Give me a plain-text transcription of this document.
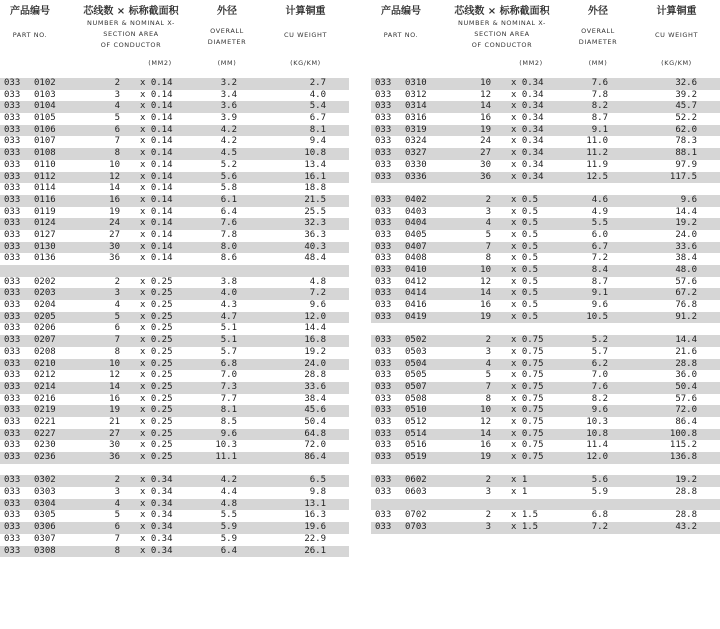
产品编号
PART NO.
芯线数 × 标称截面积
NUMBER & NOMINAL X-
SECTION AREA
OF CONDUCTOR
(MM2)
外径
OVERALL
DIAMETER
(MM)
计算铜重
CU WEIGHT
(KG/KM)
033 0102	2 x 0.14	3.2	2.7
033 0103	3 x 0.14	3.4	4.0
033 0104	4 x 0.14	3.6	5.4
033 0105	5 x 0.14	3.9	6.7
033 0106	6 x 0.14	4.2	8.1
033 0107	7 x 0.14	4.2	9.4
033 0108	8 x 0.14	4.5	10.8
033 0110	10 x 0.14	5.2	13.4
033 0112	12 x 0.14	5.6	16.1
033 0114	14 x 0.14	5.8	18.8
033 0116	16 x 0.14	6.1	21.5
033 0119	19 x 0.14	6.4	25.5
033 0124	24 x 0.14	7.6	32.3
033 0127	27 x 0.14	7.8	36.3
033 0130	30 x 0.14	8.0	40.3
033 0136	36 x 0.14	8.6	48.4
033 0202	2 x 0.25	3.8	4.8
033 0203	3 x 0.25	4.0	7.2
033 0204	4 x 0.25	4.3	9.6
033 0205	5 x 0.25	4.7	12.0
033 0206	6 x 0.25	5.1	14.4
033 0207	7 x 0.25	5.1	16.8
033 0208	8 x 0.25	5.7	19.2
033 0210	10 x 0.25	6.8	24.0
033 0212	12 x 0.25	7.0	28.8
033 0214	14 x 0.25	7.3	33.6
033 0216	16 x 0.25	7.7	38.4
033 0219	19 x 0.25	8.1	45.6
033 0221	21 x 0.25	8.5	50.4
033 0227	27 x 0.25	9.6	64.8
033 0230	30 x 0.25	10.3	72.0
033 0236	36 x 0.25	11.1	86.4
033 0302	2 x 0.34	4.2	6.5
033 0303	3 x 0.34	4.4	9.8
033 0304	4 x 0.34	4.8	13.1
033 0305	5 x 0.34	5.5	16.3
033 0306	6 x 0.34	5.9	19.6
033 0307	7 x 0.34	5.9	22.9
033 0308	8 x 0.34	6.4	26.1
产品编号
PART NO.
芯线数 × 标称截面积
NUMBER & NOMINAL X-
SECTION AREA
OF CONDUCTOR
(MM2)
外径
OVERALL
DIAMETER
(MM)
计算铜重
CU WEIGHT
(KG/KM)
033 0310	10 x 0.34	7.6	32.6
033 0312	12 x 0.34	7.8	39.2
033 0314	14 x 0.34	8.2	45.7
033 0316	16 x 0.34	8.7	52.2
033 0319	19 x 0.34	9.1	62.0
033 0324	24 x 0.34	11.0	78.3
033 0327	27 x 0.34	11.2	88.1
033 0330	30 x 0.34	11.9	97.9
033 0336	36 x 0.34	12.5	117.5
033 0402	2 x 0.5	4.6	9.6
033 0403	3 x 0.5	4.9	14.4
033 0404	4 x 0.5	5.5	19.2
033 0405	5 x 0.5	6.0	24.0
033 0407	7 x 0.5	6.7	33.6
033 0408	8 x 0.5	7.2	38.4
033 0410	10 x 0.5	8.4	48.0
033 0412	12 x 0.5	8.7	57.6
033 0414	14 x 0.5	9.1	67.2
033 0416	16 x 0.5	9.6	76.8
033 0419	19 x 0.5	10.5	91.2
033 0502	2 x 0.75	5.2	14.4
033 0503	3 x 0.75	5.7	21.6
033 0504	4 x 0.75	6.2	28.8
033 0505	5 x 0.75	7.0	36.0
033 0507	7 x 0.75	7.6	50.4
033 0508	8 x 0.75	8.2	57.6
033 0510	10 x 0.75	9.6	72.0
033 0512	12 x 0.75	10.3	86.4
033 0514	14 x 0.75	10.8	100.8
033 0516	16 x 0.75	11.4	115.2
033 0519	19 x 0.75	12.0	136.8
033 0602	2 x 1	5.6	19.2
033 0603	3 x 1	5.9	28.8
033 0702	2 x 1.5	6.8	28.8
033 0703	3 x 1.5	7.2	43.2
